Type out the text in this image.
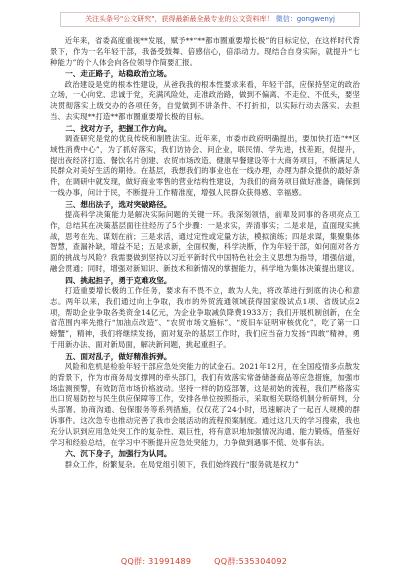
关注头条号"公文研究"，获得最新最全最专业的公文资料库！ 微信：gongwenyj

近年来，省委高度重视**发展，赋予**“**都市圈重要增长极”的目标定位，在这样时代背景下，作为一名年轻干部，我备受鼓舞、倍感信心，倍添动力。现结合自身实际，就提升“七种能力”的个人体会向各位领导作简要汇报。

一、走正路子，站稳政治立场。

政治建设是党的根本性建设，从爸我我的根本性要求来看，年轻干部，应保持坚定的政治立场，一心向党、忠诚于党，充满风险处，走准政治路，做到不偏离、不走位、不低头，要坚决贯彻落实上级交办的各项任务，自觉做到不讲条件、不打折扣，以实际行动去落实、去担当、去实现**打造**都市圈重要增长极的目标。

二、找对方子，把握工作方向。

调查研究是党的优良传统和制胜法宝。近年来，市委市政府明确提出，要加快打造“**区域性消费中心”，为了抓好落实，我们访协会、问企业，联民情、学先进，找差距，促提升，提出夜经济打造、餐饮名片创建、农贸市场改造、健康早餐建设等十大商务项目，不断满足人民群众对美好生活的期待。在基层，我想我们的事业也在一线办理，办理为群众提供的最好条件，在调研中就发现，做好商业零售的营业结构性建设，为我们的商务项目做好准备，确保到一线办事，问计于民，不断提升工作精准度，增强人民群众获得感、幸福感。

三、想出法子，选对突破路径。

提高科学决策能力是解决实际问题的关键一环。我深刻领悟，前辈及同事的各项亮点工作，总结其在决策基层面往往经历了5个步骤：一是求实，弄清事实；二是求是，直面现实挑战，思考在先、谋划在前；三是求活，通过定性或定量方法，模拟演练；四是求谋，集聚集体智慧，查漏补缺，增益不足；五是求新，全面权衡，科学决断，作为年轻干部，如何面对各方面的挑战与风险？我需要做到坚持以习近平新时代中国特色社会主义思想为指导，增强信道，融会贯通；同时，增强对新知识、新技术和新情况的掌握能力，科学地为集体决策提出建议。

四、挑起担子，勇于克难攻坚。

打造重要增长极的工作任务，要求有不畏不立，敢为人先，将改革进行到底的决心和意志。两年以来，我们通过向上争取，我市的外贸流通领域获得国家级试点1项、省级试点2项，帮助企业争取各类资金14亿元，为企业争取减负降费1933万；我们开展机制创新，在全省范围内率先推行“加油点改造”、“农贸市场文施标”、“废旧车证明审核优化”，吃了第一口螃蟹”，精神，我们将继续发扬，面对复杂的基层工作时，我们应当奋力发扬“四敢”精神，勇于用新办法、面对新局面，解决新问题，挑起重担子。

五、面对乱子，做好精准拆弹。

风险和危机是检验年轻干部应急处突能力的试金石。2021年12月，在全国疫情多点散发的背景下，作为市商务局支撑网的牵头部门，我们有效落实常备储备商品等应急措施，加强市场监测预警，有效防范市场价格波动。坚持一样的防疫部署，这是初始的流程，我们严格落实出口贸易防控与民生供应保障等工作，安排各单位按照指示，采取相关联络机制分析研判，分头部署、协商沟通、包保服务等系列措施，仅仅花了24小时，迅速解决了一起百人规模的群诉事件。这次急专也推动完善了我市会展活动的流程预案制度。通过这几天的学习搜索，我也充分认识到应用急处突工作的复杂性、艰巨性，将有意识地加强情况沟通、能力锻炼，借鉴好学习和经验总结，在学习中不断提升应急处突能力，力争做到遇事不慌、处事有法。

六、沉下身子，加强行为认同。

群众工作，纷繁复杂。在局党组引领下，我们始终践行“服务就是权力”

QQ群: 31991489	QQ群:535304092
